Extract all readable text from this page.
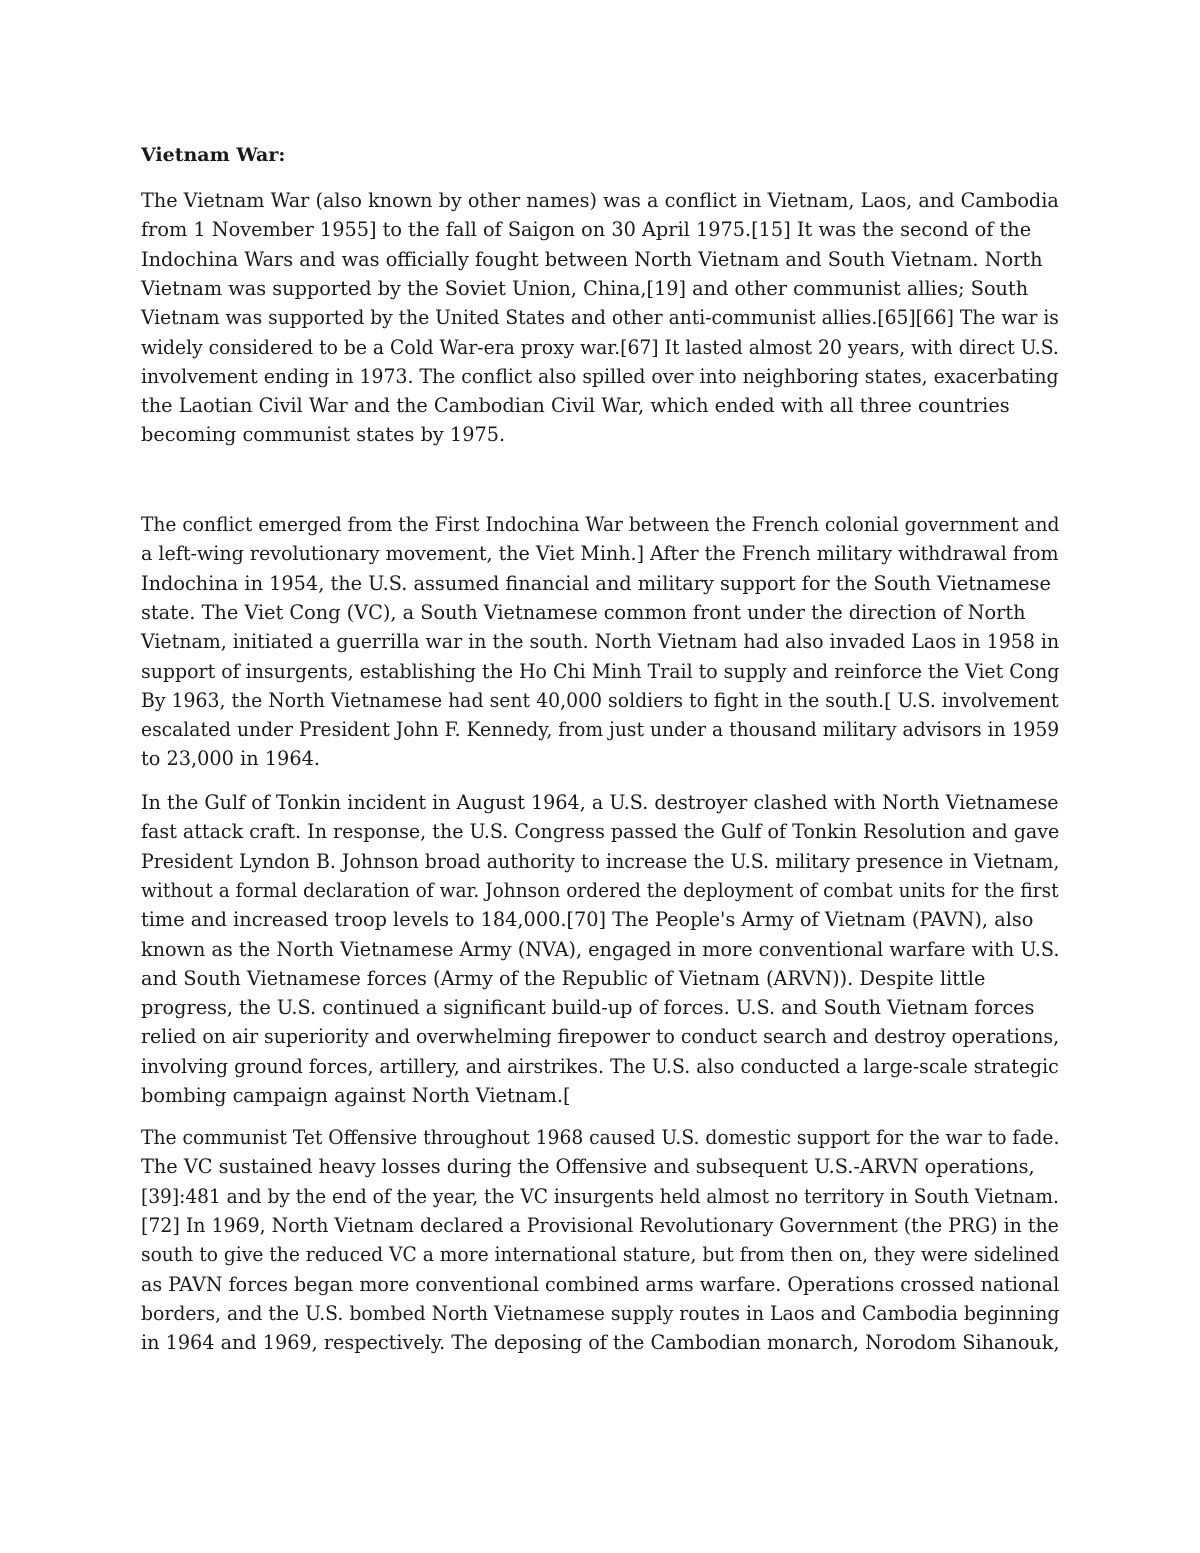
Vietnam War:

The Vietnam War (also known by other names) was a conflict in Vietnam, Laos, and Cambodia

from 1 November 1955] to the fall of Saigon on 30 April 1975.[15] It was the second of the

Indochina Wars and was officially fought between North Vietnam and South Vietnam. North

Vietnam was supported by the Soviet Union, China,[19] and other communist allies; South

Vietnam was supported by the United States and other anti-communist allies.[65][66] The war is

widely considered to be a Cold War-era proxy war.[67] It lasted almost 20 years, with direct U.S.

involvement ending in 1973. The conflict also spilled over into neighboring states, exacerbating

the Laotian Civil War and the Cambodian Civil War, which ended with all three countries

becoming communist states by 1975.

The conflict emerged from the First Indochina War between the French colonial government and

a left-wing revolutionary movement, the Viet Minh.] After the French military withdrawal from

Indochina in 1954, the U.S. assumed financial and military support for the South Vietnamese

state. The Viet Cong (VC), a South Vietnamese common front under the direction of North

Vietnam, initiated a guerrilla war in the south. North Vietnam had also invaded Laos in 1958 in

support of insurgents, establishing the Ho Chi Minh Trail to supply and reinforce the Viet Cong

By 1963, the North Vietnamese had sent 40,000 soldiers to fight in the south.[ U.S. involvement

escalated under President John F. Kennedy, from just under a thousand military advisors in 1959

to 23,000 in 1964.

In the Gulf of Tonkin incident in August 1964, a U.S. destroyer clashed with North Vietnamese

fast attack craft. In response, the U.S. Congress passed the Gulf of Tonkin Resolution and gave

President Lyndon B. Johnson broad authority to increase the U.S. military presence in Vietnam,

without a formal declaration of war. Johnson ordered the deployment of combat units for the first

time and increased troop levels to 184,000.[70] The People's Army of Vietnam (PAVN), also

known as the North Vietnamese Army (NVA), engaged in more conventional warfare with U.S.

and South Vietnamese forces (Army of the Republic of Vietnam (ARVN)). Despite little

progress, the U.S. continued a significant build-up of forces. U.S. and South Vietnam forces

relied on air superiority and overwhelming firepower to conduct search and destroy operations,

involving ground forces, artillery, and airstrikes. The U.S. also conducted a large-scale strategic

bombing campaign against North Vietnam.[

The communist Tet Offensive throughout 1968 caused U.S. domestic support for the war to fade.

The VC sustained heavy losses during the Offensive and subsequent U.S.-ARVN operations,

[39]:481 and by the end of the year, the VC insurgents held almost no territory in South Vietnam.

[72] In 1969, North Vietnam declared a Provisional Revolutionary Government (the PRG) in the

south to give the reduced VC a more international stature, but from then on, they were sidelined

as PAVN forces began more conventional combined arms warfare. Operations crossed national

borders, and the U.S. bombed North Vietnamese supply routes in Laos and Cambodia beginning

in 1964 and 1969, respectively. The deposing of the Cambodian monarch, Norodom Sihanouk,
